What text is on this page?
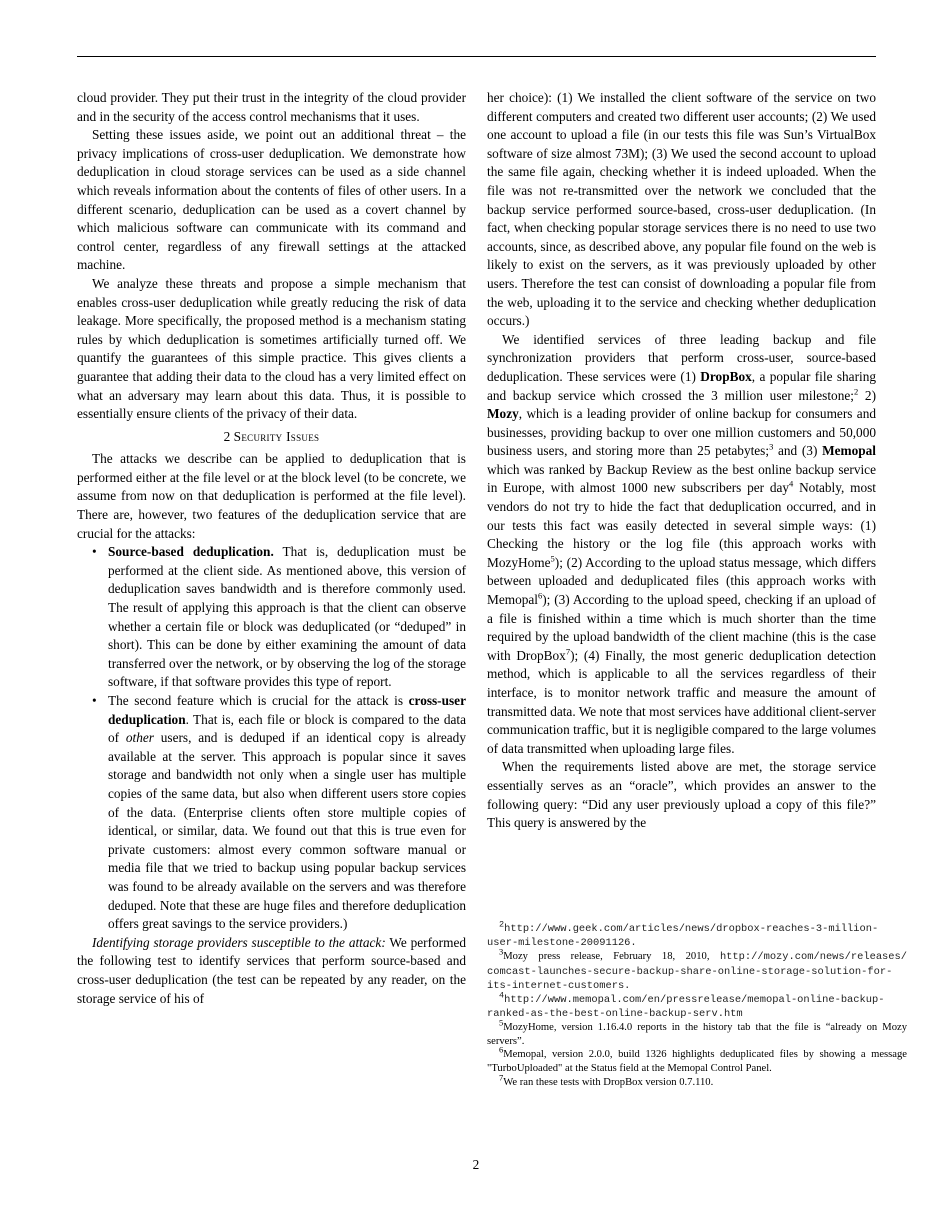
cloud provider. They put their trust in the integrity of the cloud provider and in the security of the access control mechanisms that it uses.

Setting these issues aside, we point out an additional threat – the privacy implications of cross-user deduplication. We demonstrate how deduplication in cloud storage services can be used as a side channel which reveals information about the contents of files of other users. In a different scenario, deduplication can be used as a covert channel by which malicious software can communicate with its command and control center, regardless of any firewall settings at the attacked machine.

We analyze these threats and propose a simple mechanism that enables cross-user deduplication while greatly reducing the risk of data leakage. More specifically, the proposed method is a mechanism stating rules by which deduplication is sometimes artificially turned off. We quantify the guarantees of this simple practice. This gives clients a guarantee that adding their data to the cloud has a very limited effect on what an adversary may learn about this data. Thus, it is possible to essentially ensure clients of the privacy of their data.

2 Security Issues

The attacks we describe can be applied to deduplication that is performed either at the file level or at the block level (to be concrete, we assume from now on that deduplication is performed at the file level). There are, however, two features of the deduplication service that are crucial for the attacks:

• Source-based deduplication. That is, deduplication must be performed at the client side. As mentioned above, this version of deduplication saves bandwidth and is therefore commonly used. The result of applying this approach is that the client can observe whether a certain file or block was deduplicated (or “deduped” in short). This can be done by either examining the amount of data transferred over the network, or by observing the log of the storage software, if that software provides this type of report.
• The second feature which is crucial for the attack is cross-user deduplication. That is, each file or block is compared to the data of other users, and is deduped if an identical copy is already available at the server. This approach is popular since it saves storage and bandwidth not only when a single user has multiple copies of the same data, but also when different users store copies of the data. (Enterprise clients often store multiple copies of identical, or similar, data. We found out that this is true even for private customers: almost every common software manual or media file that we tried to backup using popular backup services was found to be already available on the servers and was therefore deduped. Note that these are huge files and therefore deduplication offers great savings to the service providers.)

Identifying storage providers susceptible to the attack: We performed the following test to identify services that perform source-based and cross-user deduplication (the test can be repeated by any reader, on the storage service of his of

her choice): (1) We installed the client software of the service on two different computers and created two different user accounts; (2) We used one account to upload a file (in our tests this file was Sun’s VirtualBox software of size almost 73M); (3) We used the second account to upload the same file again, checking whether it is indeed uploaded. When the file was not re-transmitted over the network we concluded that the backup service performed source-based, cross-user deduplication. (In fact, when checking popular storage services there is no need to use two accounts, since, as described above, any popular file found on the web is likely to exist on the servers, as it was previously uploaded by other users. Therefore the test can consist of downloading a popular file from the web, uploading it to the service and checking whether deduplication occurs.)

We identified services of three leading backup and file synchronization providers that perform cross-user, source-based deduplication. These services were (1) DropBox, a popular file sharing and backup service which crossed the 3 million user milestone;$^2$ 2) Mozy, which is a leading provider of online backup for consumers and businesses, providing backup to over one million customers and 50,000 business users, and storing more than 25 petabytes;$^3$ and (3) Memopal which was ranked by Backup Review as the best online backup service in Europe, with almost 1000 new subscribers per day$^4$ Notably, most vendors do not try to hide the fact that deduplication occurred, and in our tests this fact was easily detected in several simple ways: (1) Checking the history or the log file (this approach works with MozyHome$^5$); (2) According to the upload status message, which differs between uploaded and deduplicated files (this approach works with Memopal$^6$); (3) According to the upload speed, checking if an upload of a file is finished within a time which is much shorter than the time required by the upload bandwidth of the client machine (this is the case with DropBox$^7$); (4) Finally, the most generic deduplication detection method, which is applicable to all the services regardless of their interface, is to monitor network traffic and measure the amount of transmitted data. We note that most services have additional client-server communication traffic, but it is negligible compared to the large volumes of data transmitted when uploading large files.

When the requirements listed above are met, the storage service essentially serves as an “oracle”, which provides an answer to the following query: “Did any user previously upload a copy of this file?” This query is answered by the

$^2$http://www.geek.com/articles/news/dropbox-reaches-3-million-user-milestone-20091126.

$^3$Mozy press release, February 18, 2010, http://mozy.com/news/releases/ comcast-launches-secure-backup-share-online-storage-solution-for-its-internet-customers.

$^4$http://www.memopal.com/en/pressrelease/memopal-online-backup-ranked-as-the-best-online-backup-serv.htm

$^5$MozyHome, version 1.16.4.0 reports in the history tab that the file is “already on Mozy servers”.

$^6$Memopal, version 2.0.0, build 1326 highlights deduplicated files by showing a message "TurboUploaded" at the Status field at the Memopal Control Panel.

$^7$We ran these tests with DropBox version 0.7.110.

2
